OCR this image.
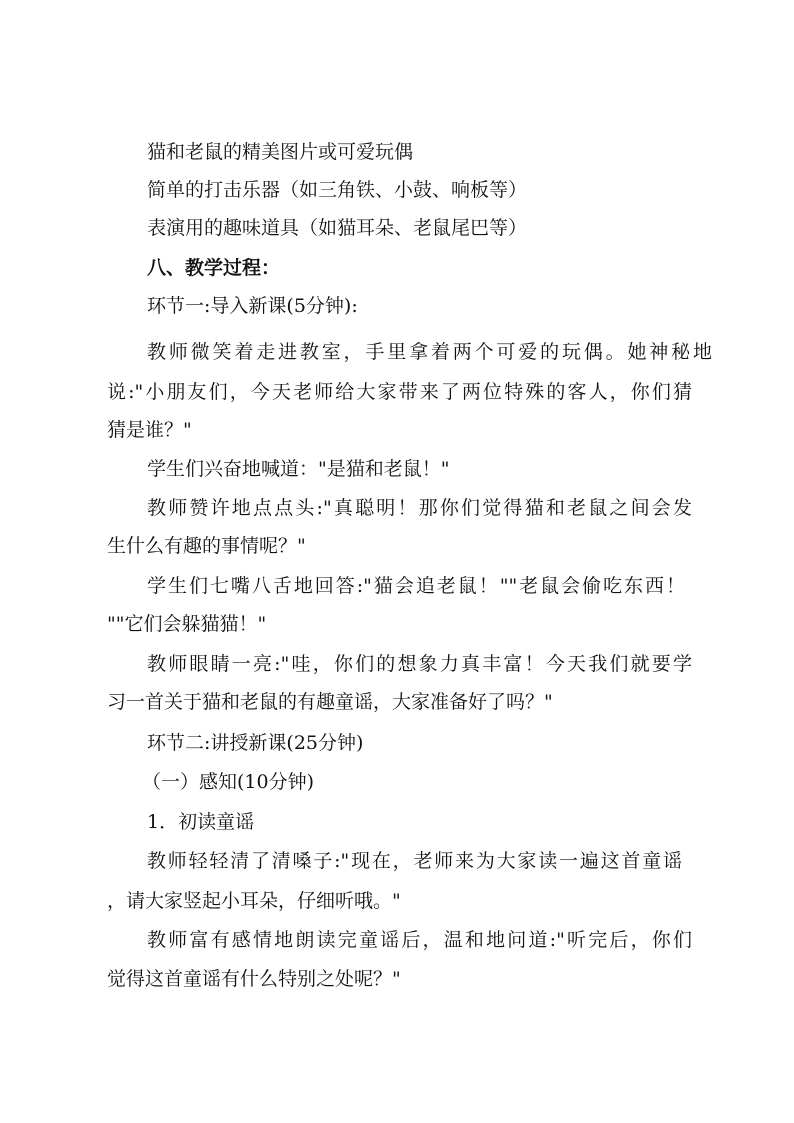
猫和老鼠的精美图片或可爱玩偶
简单的打击乐器（如三角铁、小鼓、响板等）
表演用的趣味道具（如猫耳朵、老鼠尾巴等）
八、教学过程：
环节一:导入新课(5分钟):
教师微笑着走进教室，手里拿着两个可爱的玩偶。她神秘地
说:"小朋友们，今天老师给大家带来了两位特殊的客人，你们猜
猜是谁？"
学生们兴奋地喊道："是猫和老鼠！"
教师赞许地点点头:"真聪明！那你们觉得猫和老鼠之间会发
生什么有趣的事情呢？"
学生们七嘴八舌地回答:"猫会追老鼠！""老鼠会偷吃东西！
""它们会躲猫猫！"
教师眼睛一亮:"哇，你们的想象力真丰富！今天我们就要学
习一首关于猫和老鼠的有趣童谣，大家准备好了吗？"
环节二:讲授新课(25分钟)
（一）感知(10分钟)
1．初读童谣
教师轻轻清了清嗓子:"现在，老师来为大家读一遍这首童谣
，请大家竖起小耳朵，仔细听哦。"
教师富有感情地朗读完童谣后，温和地问道:"听完后，你们
觉得这首童谣有什么特别之处呢？"
